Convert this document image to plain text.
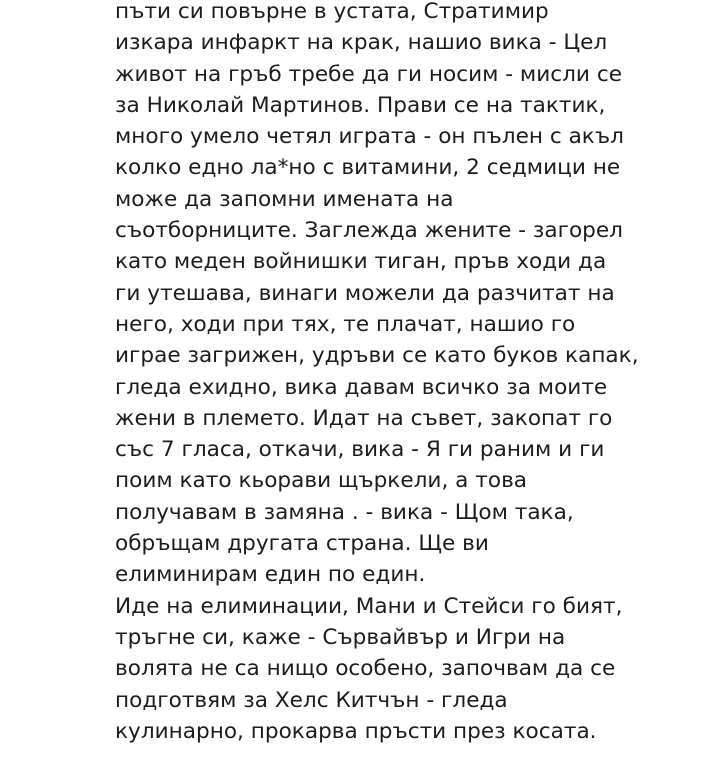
пъти си повърне в устата, Стратимир
изкара инфаркт на крак, нашио вика - Цел
живот на гръб требе да ги носим - мисли се
за Николай Мартинов. Прави се на тактик,
много умело четял играта - он пълен с акъл
колко едно ла*но с витамини, 2 седмици не
може да запомни имената на
съотборниците. Заглежда жените - загорел
като меден войнишки тиган, пръв ходи да
ги утешава, винаги можели да разчитат на
него, ходи при тях, те плачат, нашио го
играе загрижен, удръви се като буков капак,
гледа ехидно, вика давам всичко за моите
жени в племето. Идат на съвет, закопат го
със 7 гласа, откачи, вика - Я ги раним и ги
поим като кьорави щъркели, а това
получавам в замяна . - вика - Щом така,
обръщам другата страна. Ще ви
елиминирам един по един.
Иде на елиминации, Мани и Стейси го бият,
тръгне си, каже - Сървайвър и Игри на
волята не са нищо особено, започвам да се
подготвям за Хелс Китчън - гледа
кулинарно, прокарва пръсти през косата.
